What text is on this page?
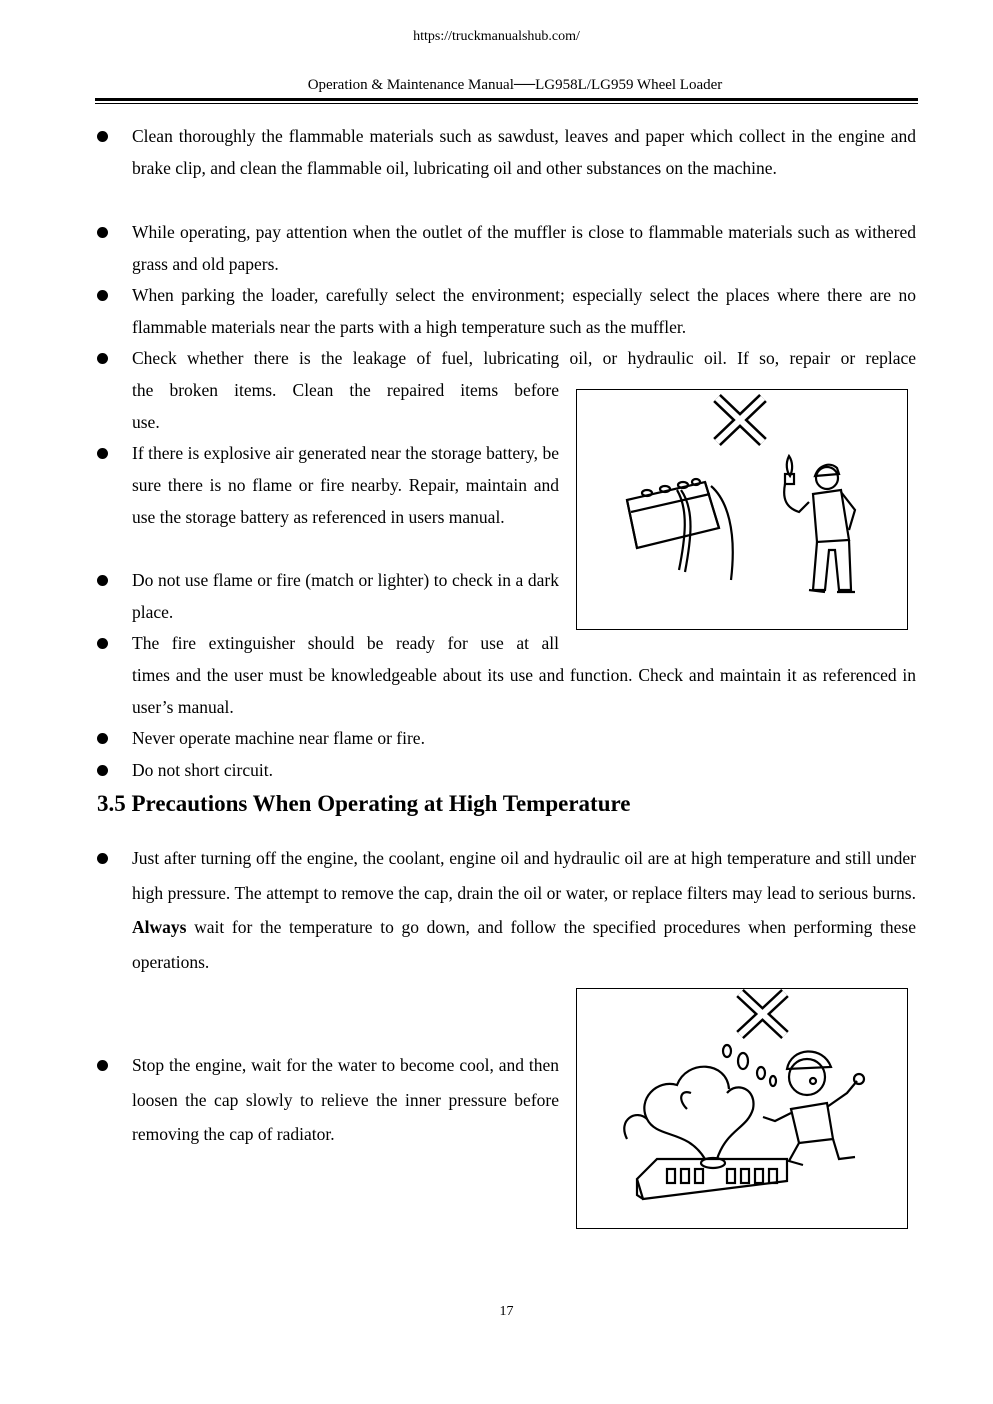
https://truckmanualshub.com/
Operation & Maintenance Manual──LG958L/LG959 Wheel Loader
Clean thoroughly the flammable materials such as sawdust, leaves and paper which collect in the engine and brake clip, and clean the flammable oil, lubricating oil and other substances on the machine.
While operating, pay attention when the outlet of the muffler is close to flammable materials such as withered grass and old papers.
When parking the loader, carefully select the environment; especially select the places where there are no flammable materials near the parts with a high temperature such as the muffler.
Check whether there is the leakage of fuel, lubricating oil, or hydraulic oil. If so, repair or replace
the broken items. Clean the repaired items before
use.
If there is explosive air generated near the storage battery, be sure there is no flame or fire nearby. Repair, maintain and use the storage battery as referenced in users manual.
Do not use flame or fire (match or lighter) to check in a dark place.
The fire extinguisher should be ready for use at all
times and the user must be knowledgeable about its use and function. Check and maintain it as referenced in user’s manual.
Never operate machine near flame or fire.
Do not short circuit.
3.5 Precautions When Operating at High Temperature
Just after turning off the engine, the coolant, engine oil and hydraulic oil are at high temperature and still under high pressure. The attempt to remove the cap, drain the oil or water, or replace filters may lead to serious burns. Always wait for the temperature to go down, and follow the specified procedures when performing these operations.
Stop the engine, wait for the water to become cool, and then loosen the cap slowly to relieve the inner pressure before removing the cap of radiator.
17
